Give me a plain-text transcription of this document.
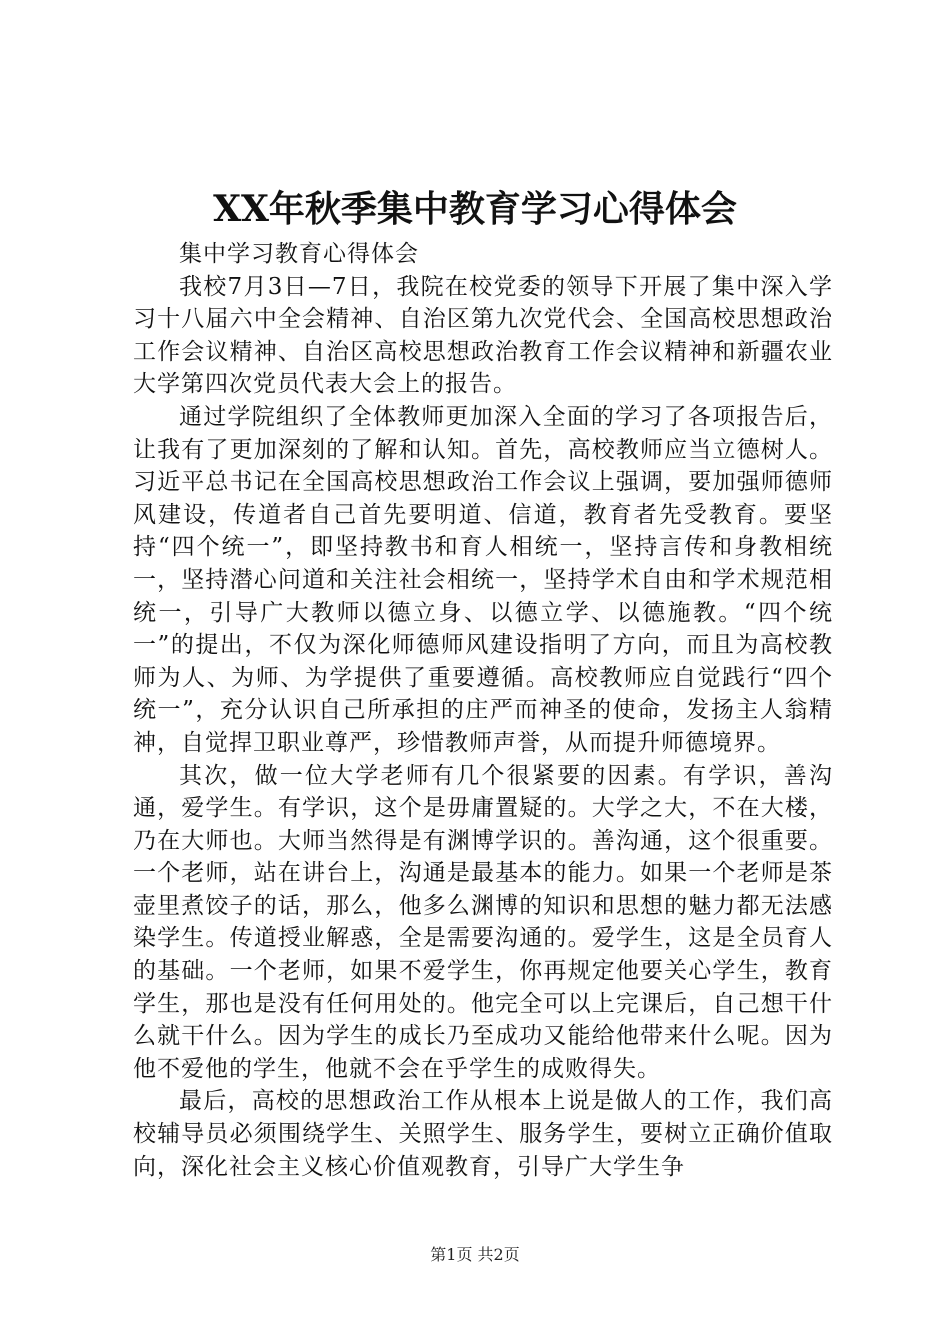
XX年秋季集中教育学习心得体会

集中学习教育心得体会

我校7月3日—7日，我院在校党委的领导下开展了集中深入学习十八届六中全会精神、自治区第九次党代会、全国高校思想政治工作会议精神、自治区高校思想政治教育工作会议精神和新疆农业大学第四次党员代表大会上的报告。

通过学院组织了全体教师更加深入全面的学习了各项报告后，让我有了更加深刻的了解和认知。首先，高校教师应当立德树人。习近平总书记在全国高校思想政治工作会议上强调，要加强师德师风建设，传道者自己首先要明道、信道，教育者先受教育。要坚持“四个统一”，即坚持教书和育人相统一，坚持言传和身教相统一，坚持潜心问道和关注社会相统一，坚持学术自由和学术规范相统一，引导广大教师以德立身、以德立学、以德施教。“四个统一”的提出，不仅为深化师德师风建设指明了方向，而且为高校教师为人、为师、为学提供了重要遵循。高校教师应自觉践行“四个统一”，充分认识自己所承担的庄严而神圣的使命，发扬主人翁精神，自觉捍卫职业尊严，珍惜教师声誉，从而提升师德境界。

其次，做一位大学老师有几个很紧要的因素。有学识，善沟通，爱学生。有学识，这个是毋庸置疑的。大学之大，不在大楼，乃在大师也。大师当然得是有渊博学识的。善沟通，这个很重要。一个老师，站在讲台上，沟通是最基本的能力。如果一个老师是茶壶里煮饺子的话，那么，他多么渊博的知识和思想的魅力都无法感染学生。传道授业解惑，全是需要沟通的。爱学生，这是全员育人的基础。一个老师，如果不爱学生，你再规定他要关心学生，教育学生，那也是没有任何用处的。他完全可以上完课后，自己想干什么就干什么。因为学生的成长乃至成功又能给他带来什么呢。因为他不爱他的学生，他就不会在乎学生的成败得失。

最后，高校的思想政治工作从根本上说是做人的工作，我们高校辅导员必须围绕学生、关照学生、服务学生，要树立正确价值取向，深化社会主义核心价值观教育，引导广大学生争

第1页 共2页
